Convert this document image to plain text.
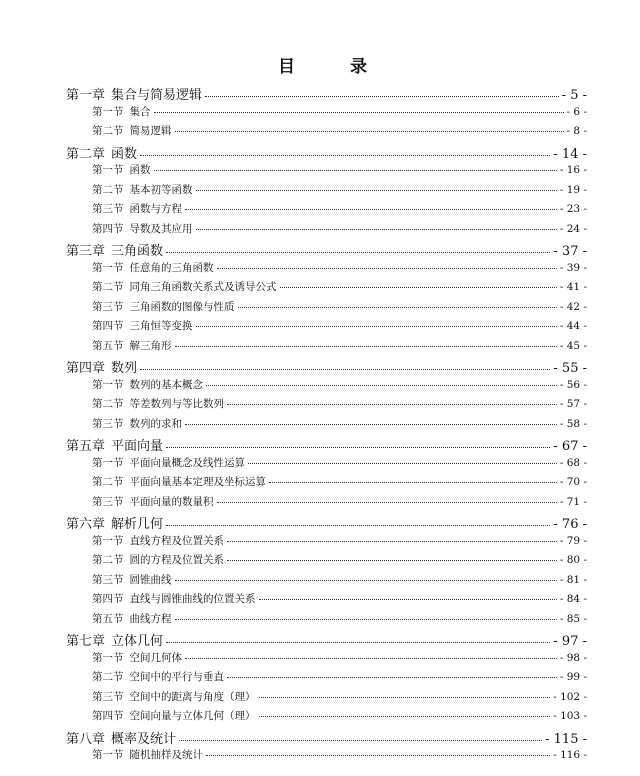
目	录
第一章 集合与简易逻辑	- 5 -
第一节 集合	- 6 -
第二节 简易逻辑	- 8 -
第二章 函数	- 14 -
第一节 函数	- 16 -
第二节 基本初等函数	- 19 -
第三节 函数与方程	- 23 -
第四节 导数及其应用	- 24 -
第三章 三角函数	- 37 -
第一节 任意角的三角函数	- 39 -
第二节 同角三角函数关系式及诱导公式	- 41 -
第三节 三角函数的图像与性质	- 42 -
第四节 三角恒等变换	- 44 -
第五节 解三角形	- 45 -
第四章 数列	- 55 -
第一节 数列的基本概念	- 56 -
第二节 等差数列与等比数列	- 57 -
第三节 数列的求和	- 58 -
第五章 平面向量	- 67 -
第一节 平面向量概念及线性运算	- 68 -
第二节 平面向量基本定理及坐标运算	- 70 -
第三节 平面向量的数量积	- 71 -
第六章 解析几何	- 76 -
第一节 直线方程及位置关系	- 79 -
第二节 圆的方程及位置关系	- 80 -
第三节 圆锥曲线	- 81 -
第四节 直线与圆锥曲线的位置关系	- 84 -
第五节 曲线方程	- 85 -
第七章 立体几何	- 97 -
第一节 空间几何体	- 98 -
第二节 空间中的平行与垂直	- 99 -
第三节 空间中的距离与角度（理）	- 102 -
第四节 空间向量与立体几何（理）	- 103 -
第八章 概率及统计	- 115 -
第一节 随机抽样及统计	- 116 -
